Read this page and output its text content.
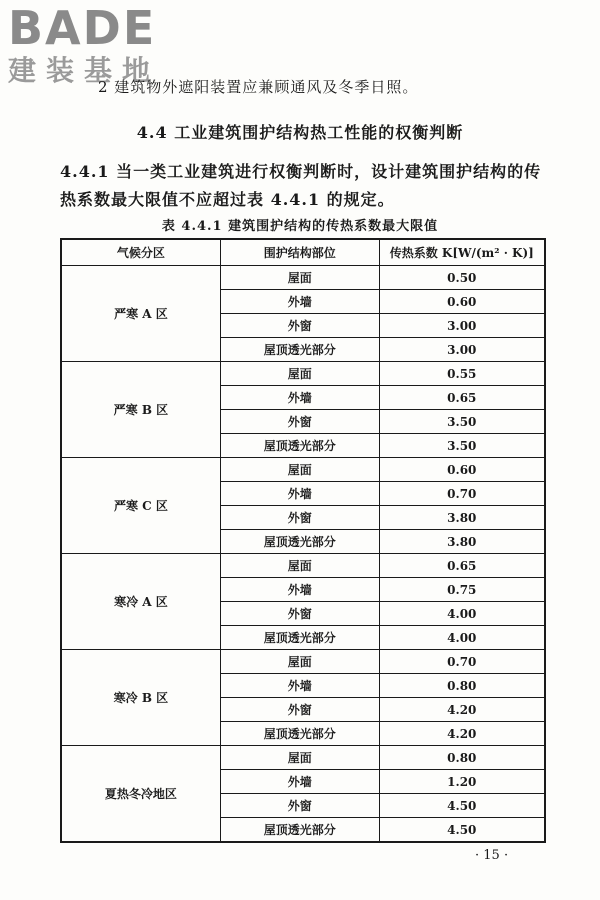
BADE
建装基地
2 建筑物外遮阳装置应兼顾通风及冬季日照。
4.4 工业建筑围护结构热工性能的权衡判断
4.4.1 当一类工业建筑进行权衡判断时，设计建筑围护结构的传热系数最大限值不应超过表 4.4.1 的规定。
表 4.4.1 建筑围护结构的传热系数最大限值
气候分区	围护结构部位	传热系数 K[W/(m² · K)]
严寒 A 区	屋面	0.50
	外墙	0.60
	外窗	3.00
	屋顶透光部分	3.00
严寒 B 区	屋面	0.55
	外墙	0.65
	外窗	3.50
	屋顶透光部分	3.50
严寒 C 区	屋面	0.60
	外墙	0.70
	外窗	3.80
	屋顶透光部分	3.80
寒冷 A 区	屋面	0.65
	外墙	0.75
	外窗	4.00
	屋顶透光部分	4.00
寒冷 B 区	屋面	0.70
	外墙	0.80
	外窗	4.20
	屋顶透光部分	4.20
夏热冬冷地区	屋面	0.80
	外墙	1.20
	外窗	4.50
	屋顶透光部分	4.50
· 15 ·
